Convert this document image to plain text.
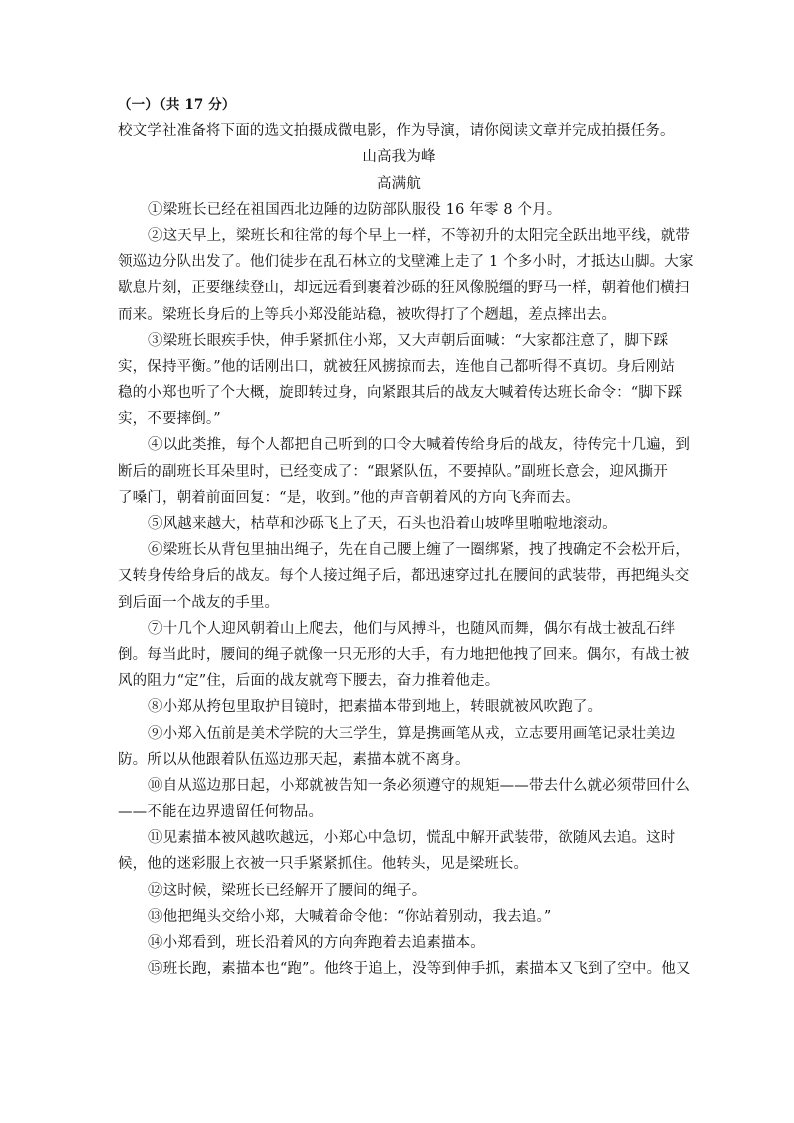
（一）（共 17 分）
校文学社准备将下面的选文拍摄成微电影，作为导演，请你阅读文章并完成拍摄任务。
山高我为峰
高满航
①梁班长已经在祖国西北边陲的边防部队服役 16 年零 8 个月。
②这天早上，梁班长和往常的每个早上一样，不等初升的太阳完全跃出地平线，就带
领巡边分队出发了。他们徒步在乱石林立的戈壁滩上走了 1 个多小时，才抵达山脚。大家
歇息片刻，正要继续登山，却远远看到裹着沙砾的狂风像脱缰的野马一样，朝着他们横扫
而来。梁班长身后的上等兵小郑没能站稳，被吹得打了个趔趄，差点摔出去。
③梁班长眼疾手快，伸手紧抓住小郑，又大声朝后面喊：“大家都注意了，脚下踩
实，保持平衡。”他的话刚出口，就被狂风掳掠而去，连他自己都听得不真切。身后刚站
稳的小郑也听了个大概，旋即转过身，向紧跟其后的战友大喊着传达班长命令：“脚下踩
实，不要摔倒。”
④以此类推，每个人都把自己听到的口令大喊着传给身后的战友，待传完十几遍，到
断后的副班长耳朵里时，已经变成了：“跟紧队伍，不要掉队。”副班长意会，迎风撕开
了嗓门，朝着前面回复：“是，收到。”他的声音朝着风的方向飞奔而去。
⑤风越来越大，枯草和沙砾飞上了天，石头也沿着山坡哗里啪啦地滚动。
⑥梁班长从背包里抽出绳子，先在自己腰上缠了一圈绑紧，拽了拽确定不会松开后，
又转身传给身后的战友。每个人接过绳子后，都迅速穿过扎在腰间的武装带，再把绳头交
到后面一个战友的手里。
⑦十几个人迎风朝着山上爬去，他们与风搏斗，也随风而舞，偶尔有战士被乱石绊
倒。每当此时，腰间的绳子就像一只无形的大手，有力地把他拽了回来。偶尔，有战士被
风的阻力“定”住，后面的战友就弯下腰去，奋力推着他走。
⑧小郑从挎包里取护目镜时，把素描本带到地上，转眼就被风吹跑了。
⑨小郑入伍前是美术学院的大三学生，算是携画笔从戎，立志要用画笔记录壮美边
防。所以从他跟着队伍巡边那天起，素描本就不离身。
⑩自从巡边那日起，小郑就被告知一条必须遵守的规矩——带去什么就必须带回什么
——不能在边界遗留任何物品。
⑪见素描本被风越吹越远，小郑心中急切，慌乱中解开武装带，欲随风去追。这时
候，他的迷彩服上衣被一只手紧紧抓住。他转头，见是梁班长。
⑫这时候，梁班长已经解开了腰间的绳子。
⑬他把绳头交给小郑，大喊着命令他：“你站着别动，我去追。”
⑭小郑看到，班长沿着风的方向奔跑着去追素描本。
⑮班长跑，素描本也“跑”。他终于追上，没等到伸手抓，素描本又飞到了空中。他又
